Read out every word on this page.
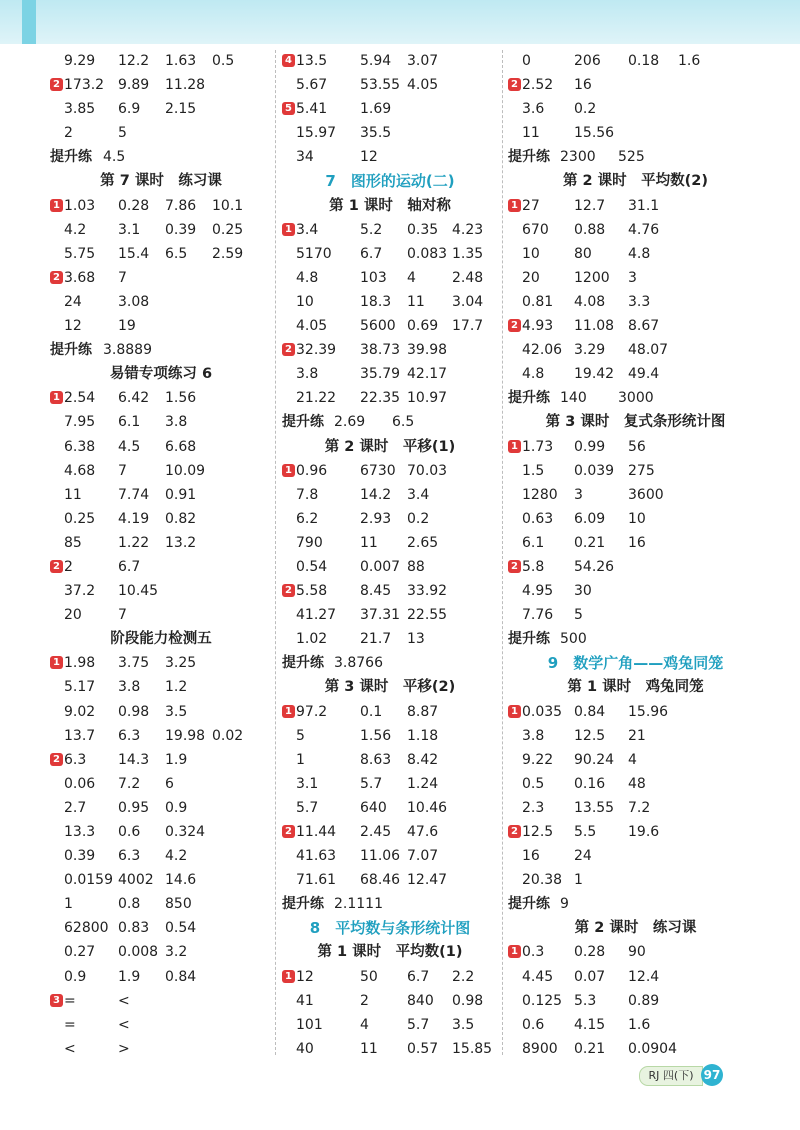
9.29 12.2 1.63 0.5
2 173.2 9.89 11.28
3.85 6.9 2.15
2	5
提升练 4.5
第 7 课时　练习课
1 1.03 0.28 7.86 10.1
4.2 3.1 0.39 0.25
5.75 15.4 6.5 2.59
2 3.68 7
24	3.08
12	19
提升练 3.8889
易错专项练习 6
1 2.54 6.42 1.56
7.95 6.1 3.8
6.38 4.5 6.68
4.68 7	10.09
11	7.74 0.91
0.25 4.19 0.82
85	1.22 13.2
2 2	6.7
37.2 10.45
20	7
阶段能力检测五
1 1.98 3.75 3.25
5.17 3.8 1.2
9.02 0.98 3.5
13.7 6.3 19.98 0.02
2 6.3 14.3 1.9
0.06 7.2 6
2.7 0.95 0.9
13.3 0.6 0.324
0.39 6.3 4.2
0.0159 4002 14.6
1	0.8 850
62800 0.83 0.54
0.27 0.008 3.2
0.9 1.9 0.84
3 =	<
=	<
<	>
4 13.5 5.94 3.07
5.67 53.55 4.05
5 5.41 1.69
15.97 35.5
34	12
7　图形的运动(二)
第 1 课时　轴对称
1 3.4	5.2 0.35 4.23
5170 6.7 0.083 1.35
4.8	103 4	2.48
10	18.3 11 3.04
4.05 5600 0.69 17.7
2 32.39 38.73 39.98
3.8	35.79 42.17
21.22 22.35 10.97
提升练 2.69 6.5
第 2 课时　平移(1)
1 0.96 6730 70.03
7.8	14.2 3.4
6.2	2.93 0.2
790	11 2.65
0.54 0.007 88
2 5.58 8.45 33.92
41.27 37.31 22.55
1.02 21.7 13
提升练 3.8766
第 3 课时　平移(2)
1 97.2 0.1 8.87
5	1.56 1.18
1	8.63 8.42
3.1	5.7 1.24
5.7	640 10.46
2 11.44 2.45 47.6
41.63 11.06 7.07
71.61 68.46 12.47
提升练 2.1111
8　平均数与条形统计图
第 1 课时　平均数(1)
1 12	50 6.7 2.2
41	2	840 0.98
101	4	5.7 3.5
40	11 0.57 15.85
0	206 0.18 1.6
2 2.52 16
3.6 0.2
11 15.56
提升练 2300 525
第 2 课时　平均数(2)
1 27 12.7 31.1
670 0.88 4.76
10 80	4.8
20 1200 3
0.81 4.08 3.3
2 4.93 11.08 8.67
42.06 3.29 48.07
4.8 19.42 49.4
提升练 140 3000
第 3 课时　复式条形统计图
1 1.73 0.99 56
1.5 0.039 275
1280 3	3600
0.63 6.09 10
6.1 0.21 16
2 5.8 54.26
4.95 30
7.76 5
提升练 500
9　数学广角——鸡兔同笼
第 1 课时　鸡兔同笼
1 0.035 0.84 15.96
3.8 12.5 21
9.22 90.24 4
0.5 0.16 48
2.3 13.55 7.2
2 12.5 5.5 19.6
16 24
20.38 1
提升练 9
第 2 课时　练习课
1 0.3 0.28 90
4.45 0.07 12.4
0.125 5.3 0.89
0.6 4.15 1.6
8900 0.21 0.0904
RJ 四(下) 97
